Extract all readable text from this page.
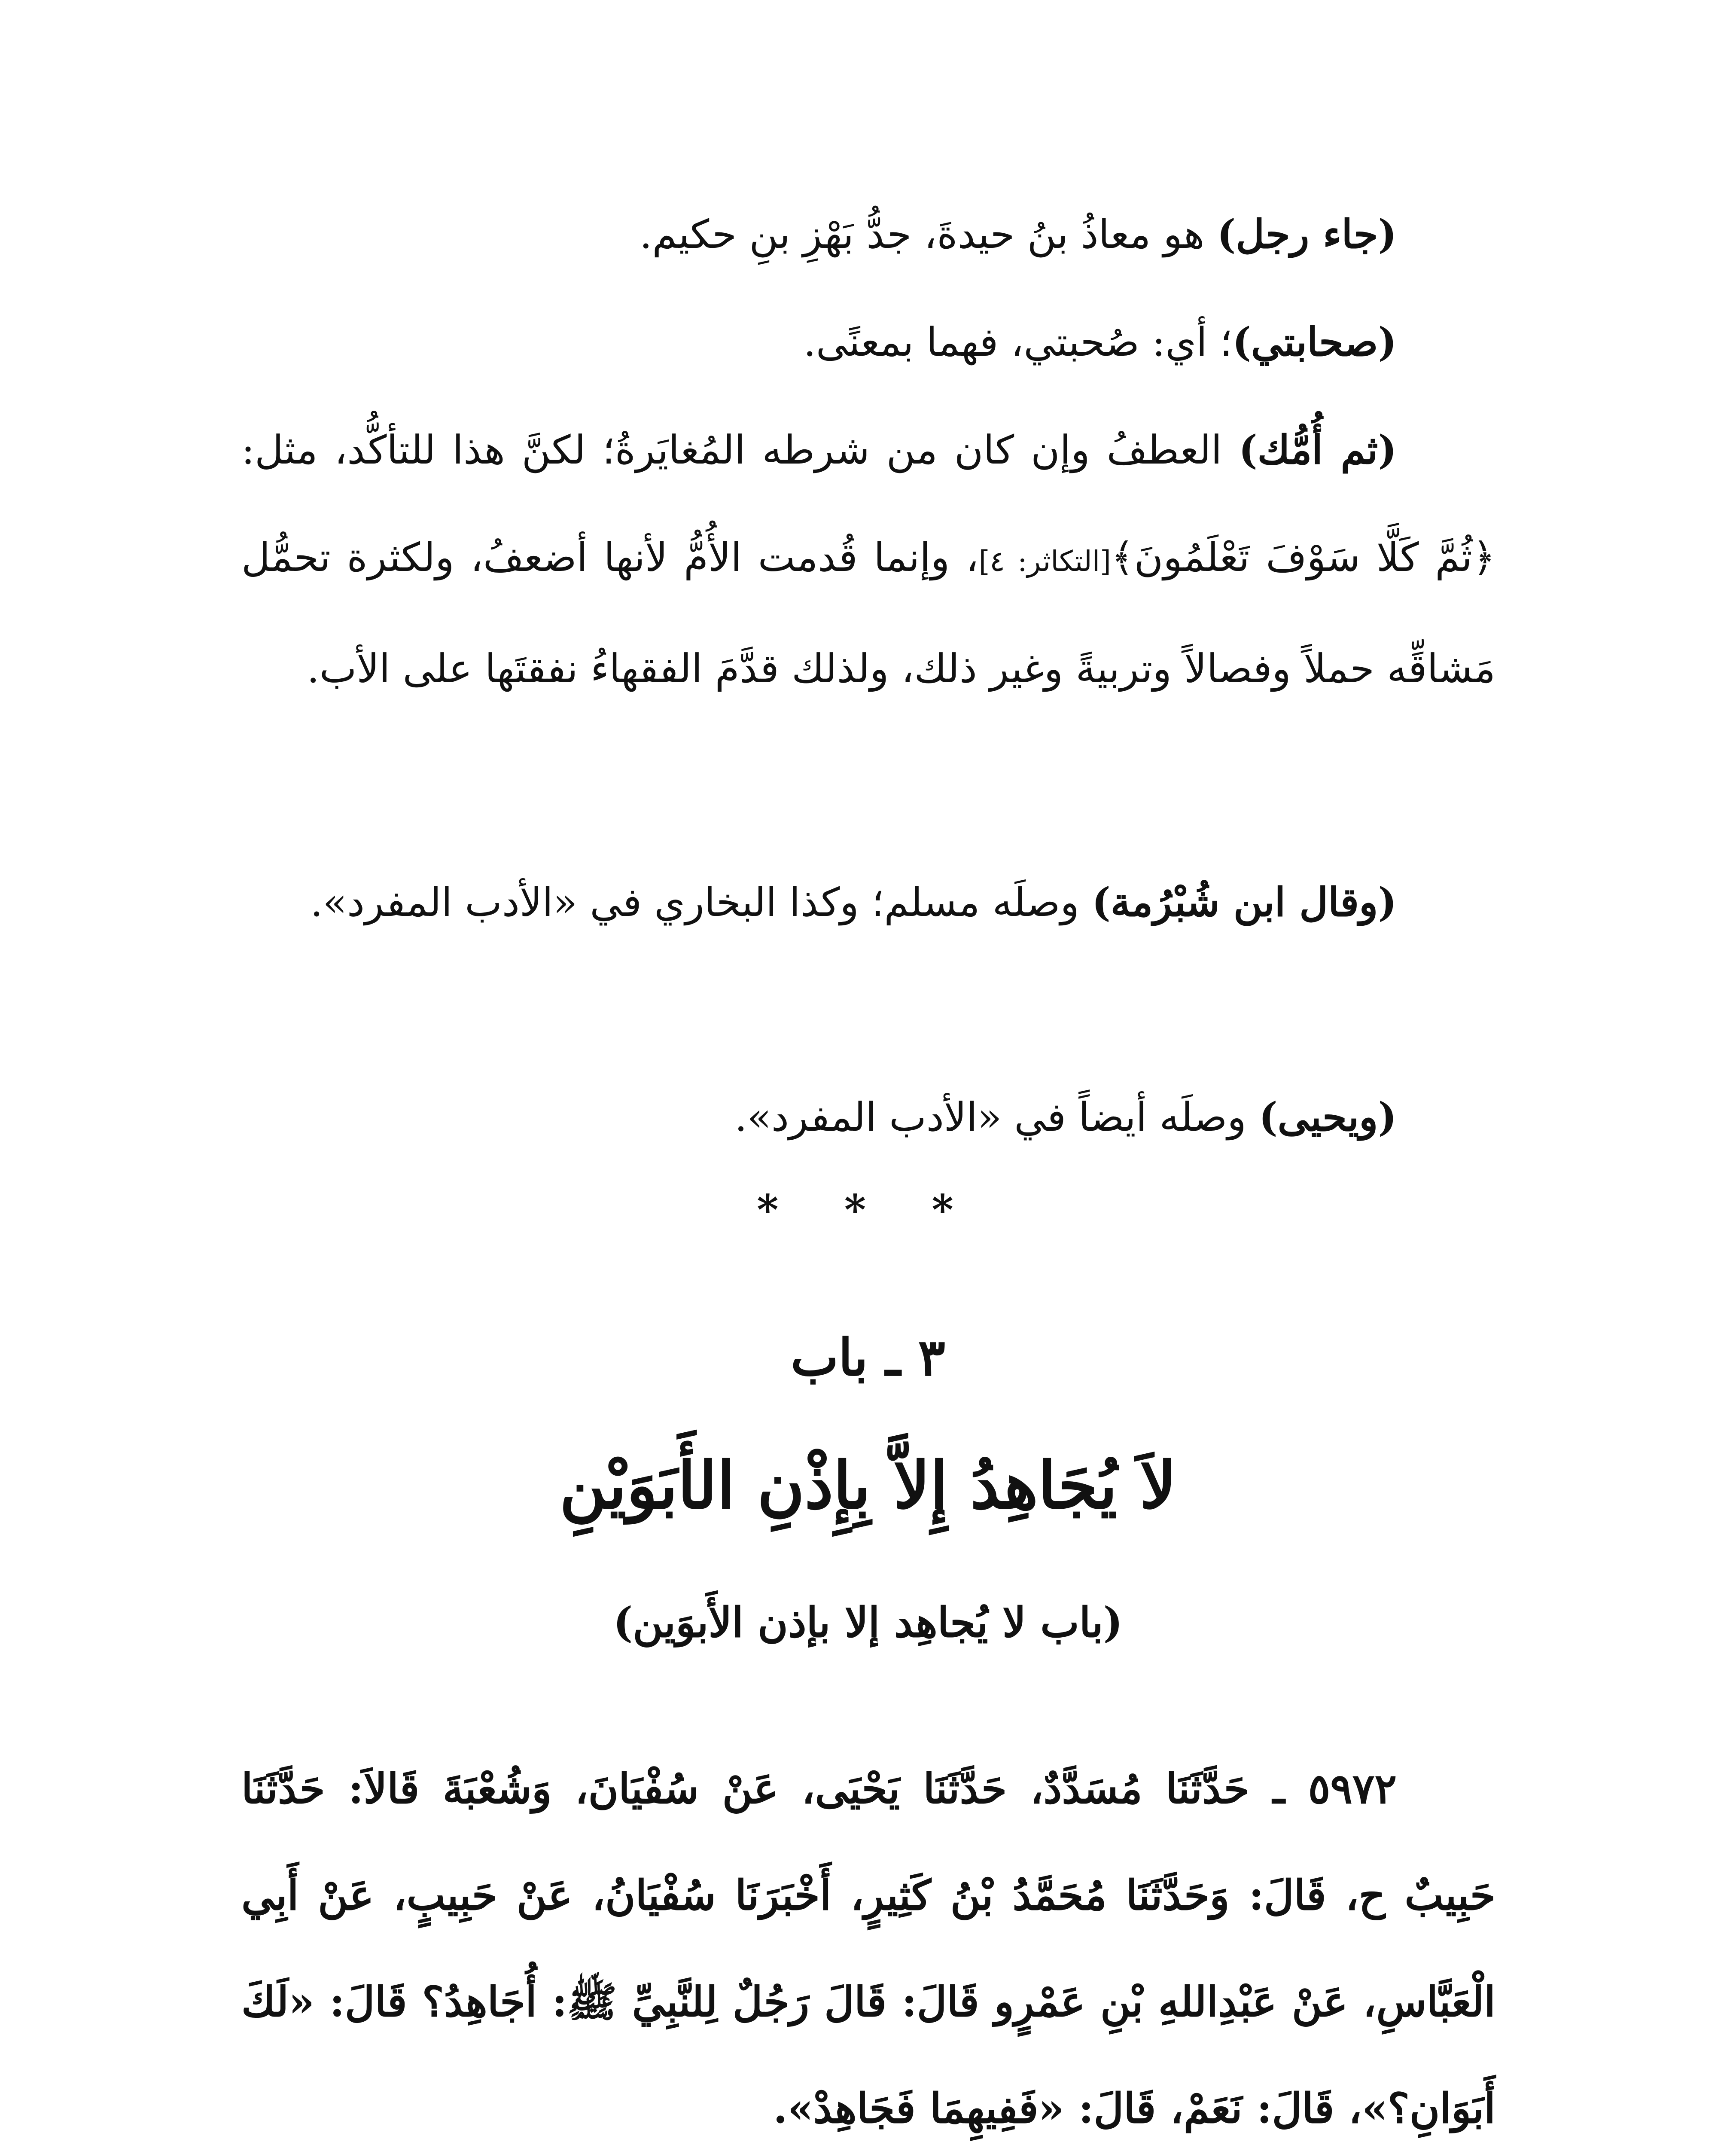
(جاء رجل) هو معاذُ بنُ حيدةَ، جدُّ بَهْزِ بنِ حكيم.

(صحابتي)؛ أي: صُحبتي، فهما بمعنًى.

(ثم أُمُّك) العطفُ وإن كان من شرطه المُغايَرةُ؛ لكنَّ هذا للتأكُّد، مثل: ﴿ثُمَّ كَلَّا سَوْفَ تَعْلَمُونَ﴾[التكاثر: ٤]، وإنما قُدمت الأُمُّ لأنها أضعفُ، ولكثرة تحمُّل مَشاقِّه حملاً وفصالاً وتربيةً وغير ذلك، ولذلك قدَّمَ الفقهاءُ نفقتَها على الأب.

(وقال ابن شُبْرُمة) وصلَه مسلم؛ وكذا البخاري في «الأدب المفرد».

(ويحيى) وصلَه أيضاً في «الأدب المفرد».

* * *
٣ ـ باب
لاَ يُجَاهِدُ إِلاَّ بِإِذْنِ الأَبَوَيْنِ
(باب لا يُجاهِد إلا بإذن الأَبوَين)

٥٩٧٢ ـ حَدَّثَنَا مُسَدَّدٌ، حَدَّثَنَا يَحْيَى، عَنْ سُفْيَانَ، وَشُعْبَةَ قَالاَ: حَدَّثَنَا حَبِيبٌ ح، قَالَ: وَحَدَّثَنَا مُحَمَّدُ بْنُ كَثِيرٍ، أَخْبَرَنَا سُفْيَانُ، عَنْ حَبِيبٍ، عَنْ أَبِي الْعَبَّاسِ، عَنْ عَبْدِاللهِ بْنِ عَمْرٍو قَالَ: قَالَ رَجُلٌ لِلنَّبِيِّ ﷺ: أُجَاهِدُ؟ قَالَ: «لَكَ أَبَوَانِ؟»، قَالَ: نَعَمْ، قَالَ: «فَفِيهِمَا فَجَاهِدْ».
